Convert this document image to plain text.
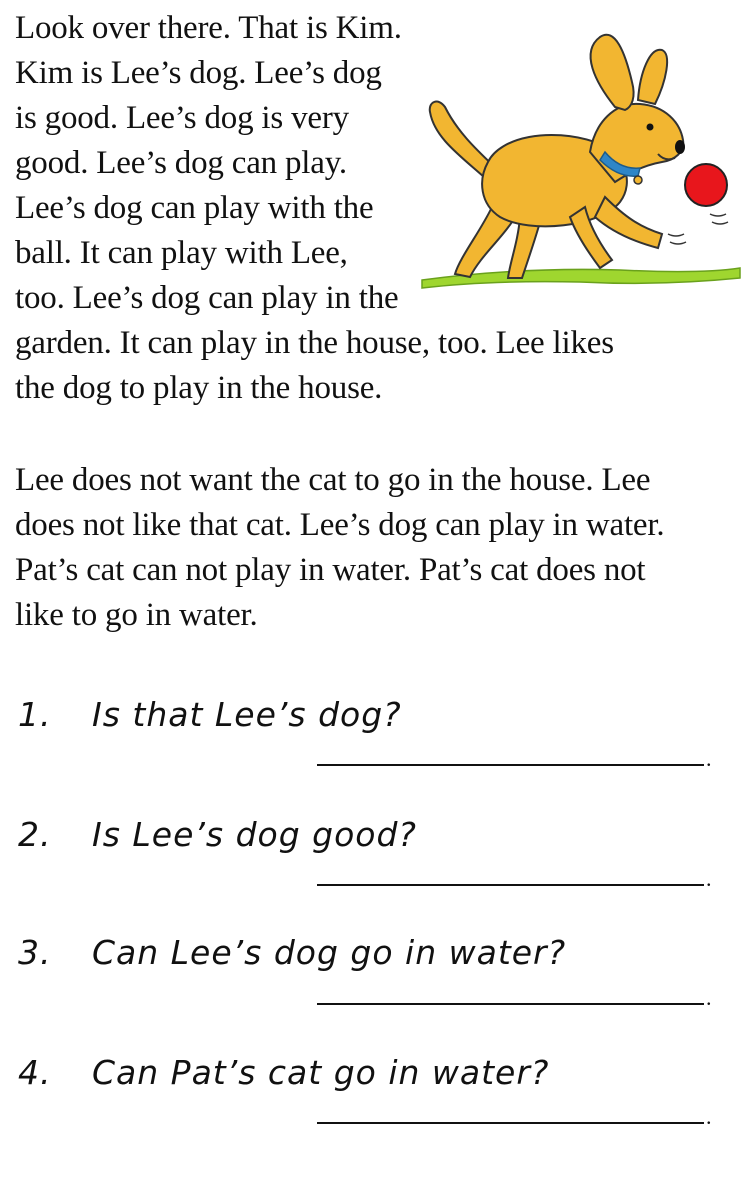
Look over there. That is Kim.
Kim is Lee’s dog. Lee’s dog
is good. Lee’s dog is very
good. Lee’s dog can play.
Lee’s dog can play with the
ball. It can play with Lee,
too. Lee’s dog can play in the
garden. It can play in the house, too. Lee likes
the dog to play in the house.
Lee does not want the cat to go in the house. Lee
does not like that cat. Lee’s dog can play in water.
Pat’s cat can not play in water. Pat’s cat does not
like to go in water.
1. Is that Lee’s dog?
.
2. Is Lee’s dog good?
.
3. Can Lee’s dog go in water?
.
4. Can Pat’s cat go in water?
.
